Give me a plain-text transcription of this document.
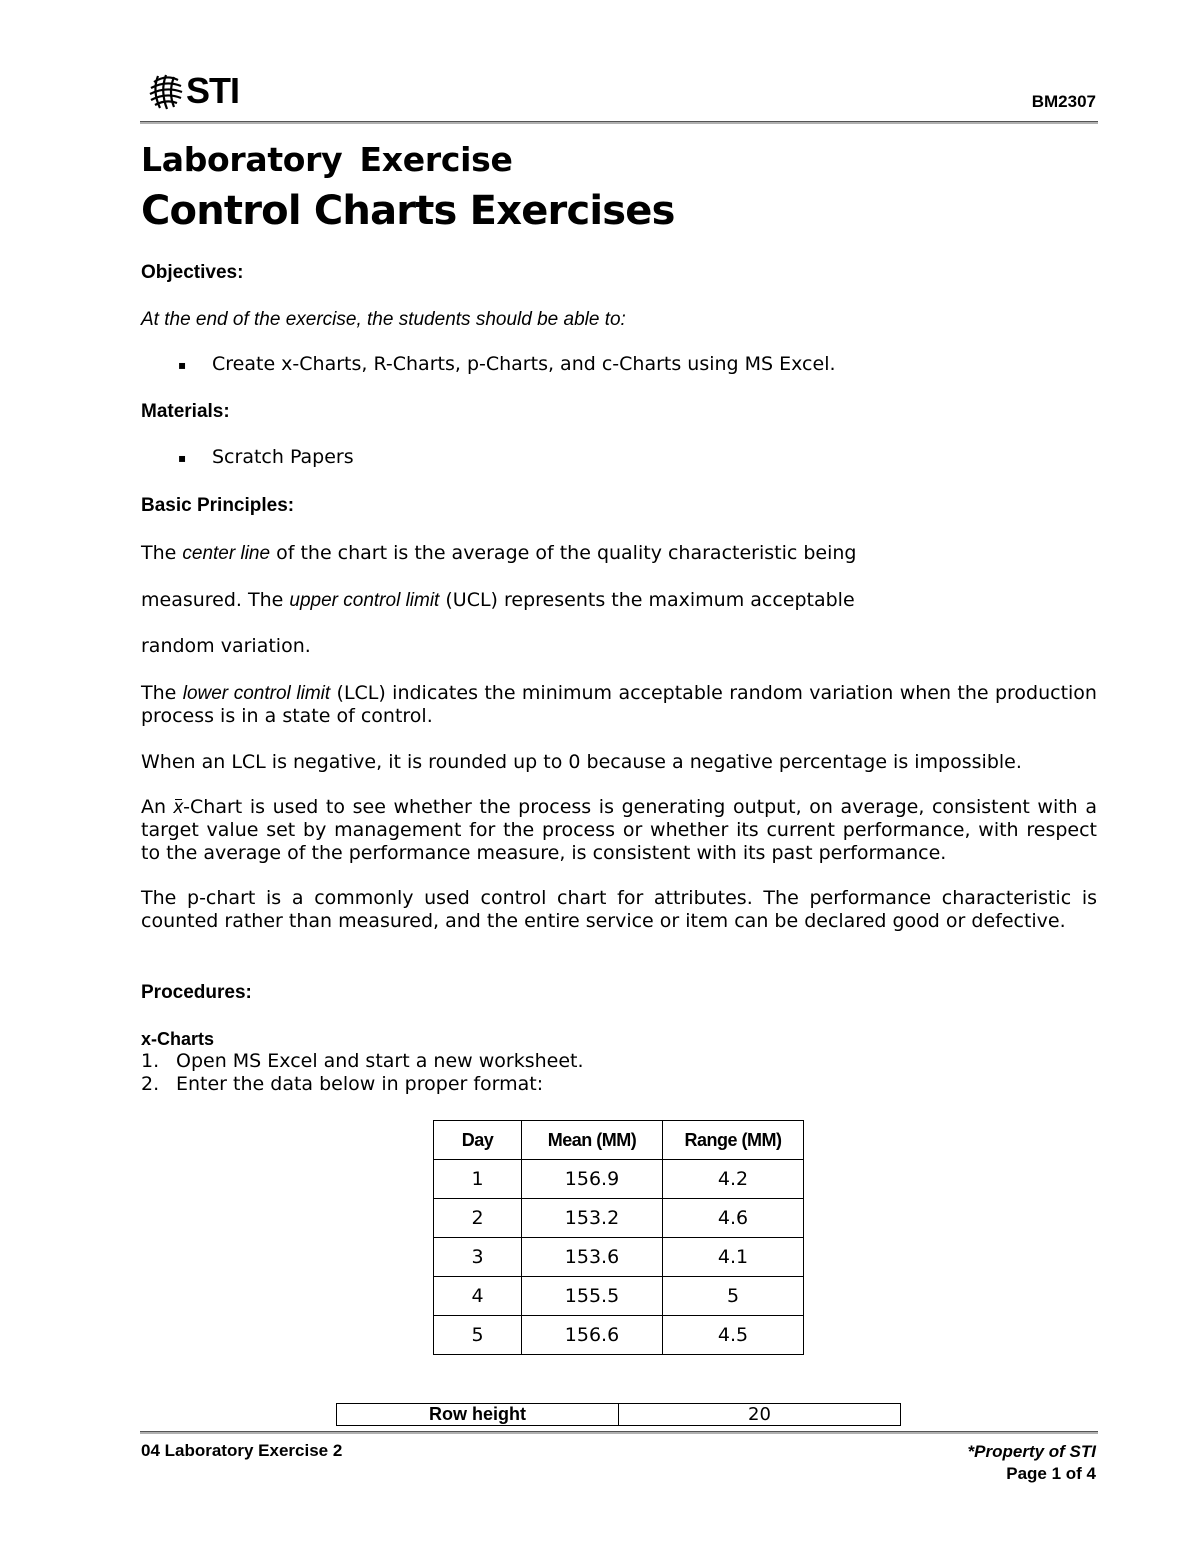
STI	BM2307
Laboratory Exercise
Control Charts Exercises
Objectives:
At the end of the exercise, the students should be able to:
▪ Create x-Charts, R-Charts, p-Charts, and c-Charts using MS Excel.
Materials:
▪ Scratch Papers
Basic Principles:
The center line of the chart is the average of the quality characteristic being
measured. The upper control limit (UCL) represents the maximum acceptable
random variation.
The lower control limit (LCL) indicates the minimum acceptable random variation when the production process is in a state of control.
When an LCL is negative, it is rounded up to 0 because a negative percentage is impossible.
An x-Chart is used to see whether the process is generating output, on average, consistent with a target value set by management for the process or whether its current performance, with respect to the average of the performance measure, is consistent with its past performance.
The p-chart is a commonly used control chart for attributes. The performance characteristic is counted rather than measured, and the entire service or item can be declared good or defective.
Procedures:
x-Charts
1. Open MS Excel and start a new worksheet.
2. Enter the data below in proper format:
Day	Mean (MM)	Range (MM)
1	156.9	4.2
2	153.2	4.6
3	153.6	4.1
4	155.5	5
5	156.6	4.5
Row height	20
04 Laboratory Exercise 2	*Property of STI
Page 1 of 4
